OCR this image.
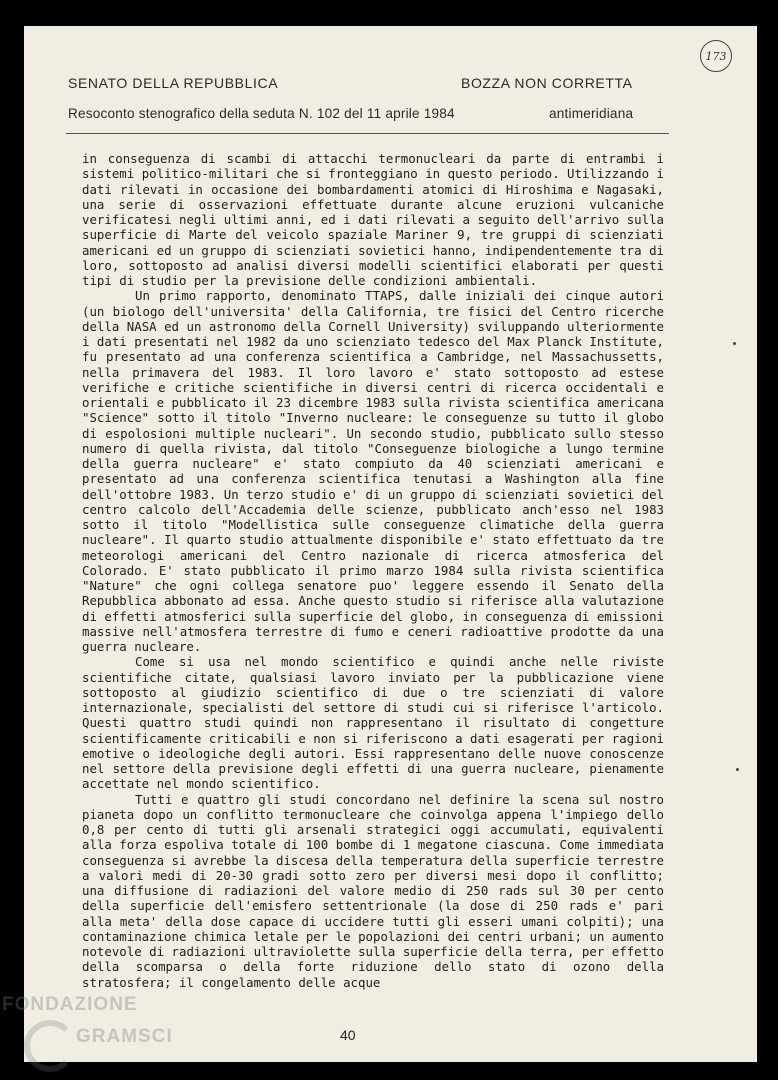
SENATO DELLA REPUBBLICA	BOZZA NON CORRETTA
Resoconto stenografico della seduta N. 102 del 11 aprile 1984	antimeridiana
173

in conseguenza di scambi di attacchi termonucleari da parte di entrambi i sistemi politico-militari che si fronteggiano in questo periodo. Utilizzando i dati rilevati in occasione dei bombardamenti atomici di Hiroshima e Nagasaki, una serie di osservazioni effettuate durante alcune eruzioni vulcaniche verificatesi negli ultimi anni, ed i dati rilevati a seguito dell'arrivo sulla superficie di Marte del veicolo spaziale Mariner 9, tre gruppi di scienziati americani ed un gruppo di scienziati sovietici hanno, indipendentemente tra di loro, sottoposto ad analisi diversi modelli scientifici elaborati per questi tipi di studio per la previsione delle condizioni ambientali.

Un primo rapporto, denominato TTAPS, dalle iniziali dei cinque autori (un biologo dell'universita' della California, tre fisici del Centro ricerche della NASA ed un astronomo della Cornell University) sviluppando ulteriormente i dati presentati nel 1982 da uno scienziato tedesco del Max Planck Institute, fu presentato ad una conferenza scientifica a Cambridge, nel Massachussetts, nella primavera del 1983. Il loro lavoro e' stato sottoposto ad estese verifiche e critiche scientifiche in diversi centri di ricerca occidentali e orientali e pubblicato il 23 dicembre 1983 sulla rivista scientifica americana "Science" sotto il titolo "Inverno nucleare: le conseguenze su tutto il globo di espolosioni multiple nucleari". Un secondo studio, pubblicato sullo stesso numero di quella rivista, dal titolo "Conseguenze biologiche a lungo termine della guerra nucleare" e' stato compiuto da 40 scienziati americani e presentato ad una conferenza scientifica tenutasi a Washington alla fine dell'ottobre 1983. Un terzo studio e' di un gruppo di scienziati sovietici del centro calcolo dell'Accademia delle scienze, pubblicato anch'esso nel 1983 sotto il titolo "Modellistica sulle conseguenze climatiche della guerra nucleare". Il quarto studio attualmente disponibile e' stato effettuato da tre meteorologi americani del Centro nazionale di ricerca atmosferica del Colorado. E' stato pubblicato il primo marzo 1984 sulla rivista scientifica "Nature" che ogni collega senatore puo' leggere essendo il Senato della Repubblica abbonato ad essa. Anche questo studio si riferisce alla valutazione di effetti atmosferici sulla superficie del globo, in conseguenza di emissioni massive nell'atmosfera terrestre di fumo e ceneri radioattive prodotte da una guerra nucleare.

Come si usa nel mondo scientifico e quindi anche nelle riviste scientifiche citate, qualsiasi lavoro inviato per la pubblicazione viene sottoposto al giudizio scientifico di due o tre scienziati di valore internazionale, specialisti del settore di studi cui si riferisce l'articolo. Questi quattro studi quindi non rappresentano il risultato di congetture scientificamente criticabili e non si riferiscono a dati esagerati per ragioni emotive o ideologiche degli autori. Essi rappresentano delle nuove conoscenze nel settore della previsione degli effetti di una guerra nucleare, pienamente accettate nel mondo scientifico.

Tutti e quattro gli studi concordano nel definire la scena sul nostro pianeta dopo un conflitto termonucleare che coinvolga appena l'impiego dello 0,8 per cento di tutti gli arsenali strategici oggi accumulati, equivalenti alla forza espoliva totale di 100 bombe di 1 megatone ciascuna. Come immediata conseguenza si avrebbe la discesa della temperatura della superficie terrestre a valori medi di 20-30 gradi sotto zero per diversi mesi dopo il conflitto; una diffusione di radiazioni del valore medio di 250 rads sul 30 per cento della superficie dell'emisfero settentrionale (la dose di 250 rads e' pari alla meta' della dose capace di uccidere tutti gli esseri umani colpiti); una contaminazione chimica letale per le popolazioni dei centri urbani; un aumento notevole di radiazioni ultraviolette sulla superficie della terra, per effetto della scomparsa o della forte riduzione dello stato di ozono della stratosfera; il congelamento delle acque

40
FONDAZIONE
GRAMSCI
